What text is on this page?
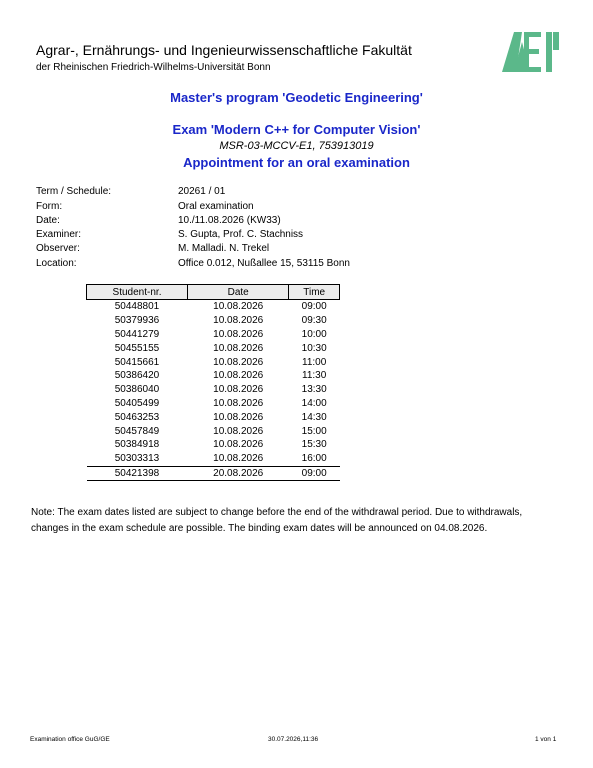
Agrar-, Ernährungs- und Ingenieurwissenschaftliche Fakultät
der Rheinischen Friedrich-Wilhelms-Universität Bonn
Master's program 'Geodetic Engineering'
Exam 'Modern C++ for Computer Vision'
MSR-03-MCCV-E1, 753913019
Appointment for an oral examination
Term / Schedule:	20261 / 01
Form:	Oral examination
Date:	10./11.08.2026 (KW33)
Examiner:	S. Gupta, Prof. C. Stachniss
Observer:	M. Malladi. N. Trekel
Location:	Office 0.012, Nußallee 15, 53115 Bonn
Student-nr.	Date	Time
50448801	10.08.2026	09:00
50379936	10.08.2026	09:30
50441279	10.08.2026	10:00
50455155	10.08.2026	10:30
50415661	10.08.2026	11:00
50386420	10.08.2026	11:30
50386040	10.08.2026	13:30
50405499	10.08.2026	14:00
50463253	10.08.2026	14:30
50457849	10.08.2026	15:00
50384918	10.08.2026	15:30
50303313	10.08.2026	16:00
50421398	20.08.2026	09:00
Note: The exam dates listed are subject to change before the end of the withdrawal period. Due to withdrawals, changes in the exam schedule are possible. The binding exam dates will be announced on 04.08.2026.
Examination office GuG/GE	30.07.2026,11:36	1 von 1
